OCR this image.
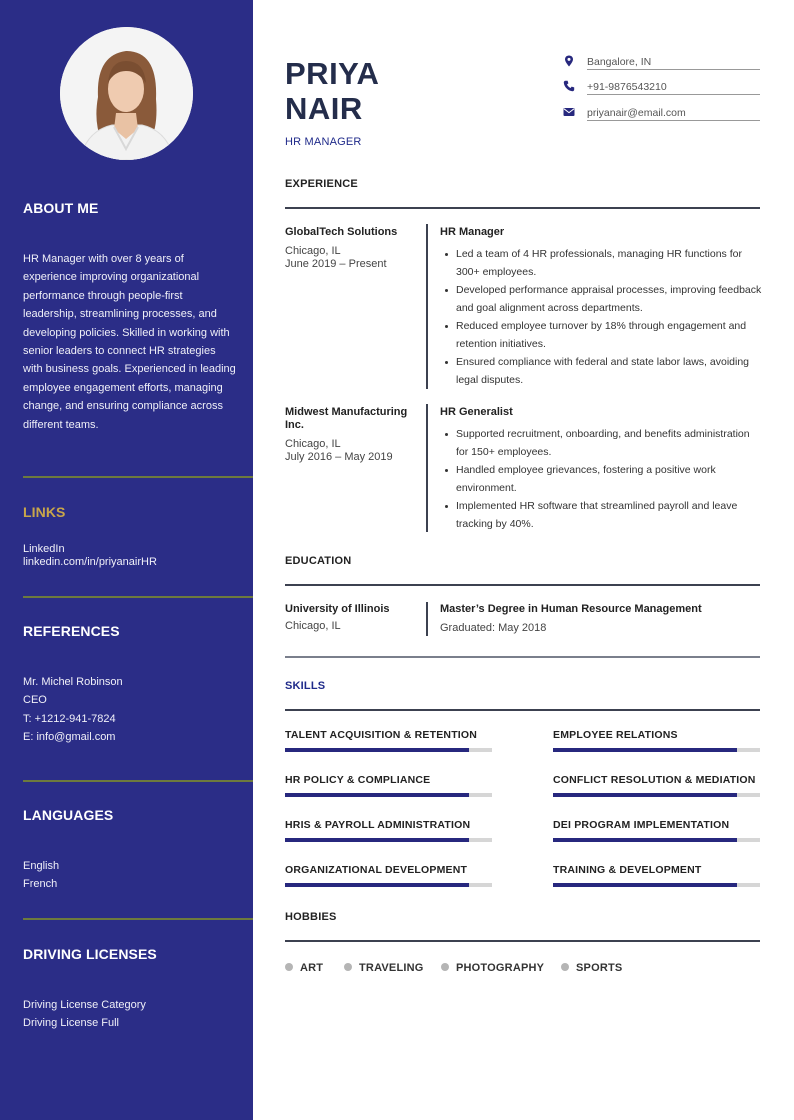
ABOUT ME
HR Manager with over 8 years of experience improving organizational performance through people-first leadership, streamlining processes, and developing policies. Skilled in working with senior leaders to connect HR strategies with business goals. Experienced in leading employee engagement efforts, managing change, and ensuring compliance across different teams.
LINKS
LinkedIn
linkedin.com/in/priyanairHR
REFERENCES
Mr. Michel Robinson
CEO
T: +1212-941-7824
E: info@gmail.com
LANGUAGES
English
French
DRIVING LICENSES
Driving License Category
Driving License Full
PRIYA
NAIR
HR MANAGER
Bangalore, IN
+91-9876543210
priyanair@email.com
EXPERIENCE
GlobalTech Solutions
Chicago, IL
June 2019 – Present
HR Manager
Led a team of 4 HR professionals, managing HR functions for 300+ employees.
Developed performance appraisal processes, improving feedback and goal alignment across departments.
Reduced employee turnover by 18% through engagement and retention initiatives.
Ensured compliance with federal and state labor laws, avoiding legal disputes.
Midwest Manufacturing Inc.
Chicago, IL
July 2016 – May 2019
HR Generalist
Supported recruitment, onboarding, and benefits administration for 150+ employees.
Handled employee grievances, fostering a positive work environment.
Implemented HR software that streamlined payroll and leave tracking by 40%.
EDUCATION
University of Illinois
Chicago, IL
Master’s Degree in Human Resource Management
Graduated: May 2018
SKILLS
TALENT ACQUISITION & RETENTION	EMPLOYEE RELATIONS
HR POLICY & COMPLIANCE	CONFLICT RESOLUTION & MEDIATION
HRIS & PAYROLL ADMINISTRATION	DEI PROGRAM IMPLEMENTATION
ORGANIZATIONAL DEVELOPMENT	TRAINING & DEVELOPMENT
HOBBIES
ART	TRAVELING	PHOTOGRAPHY	SPORTS
